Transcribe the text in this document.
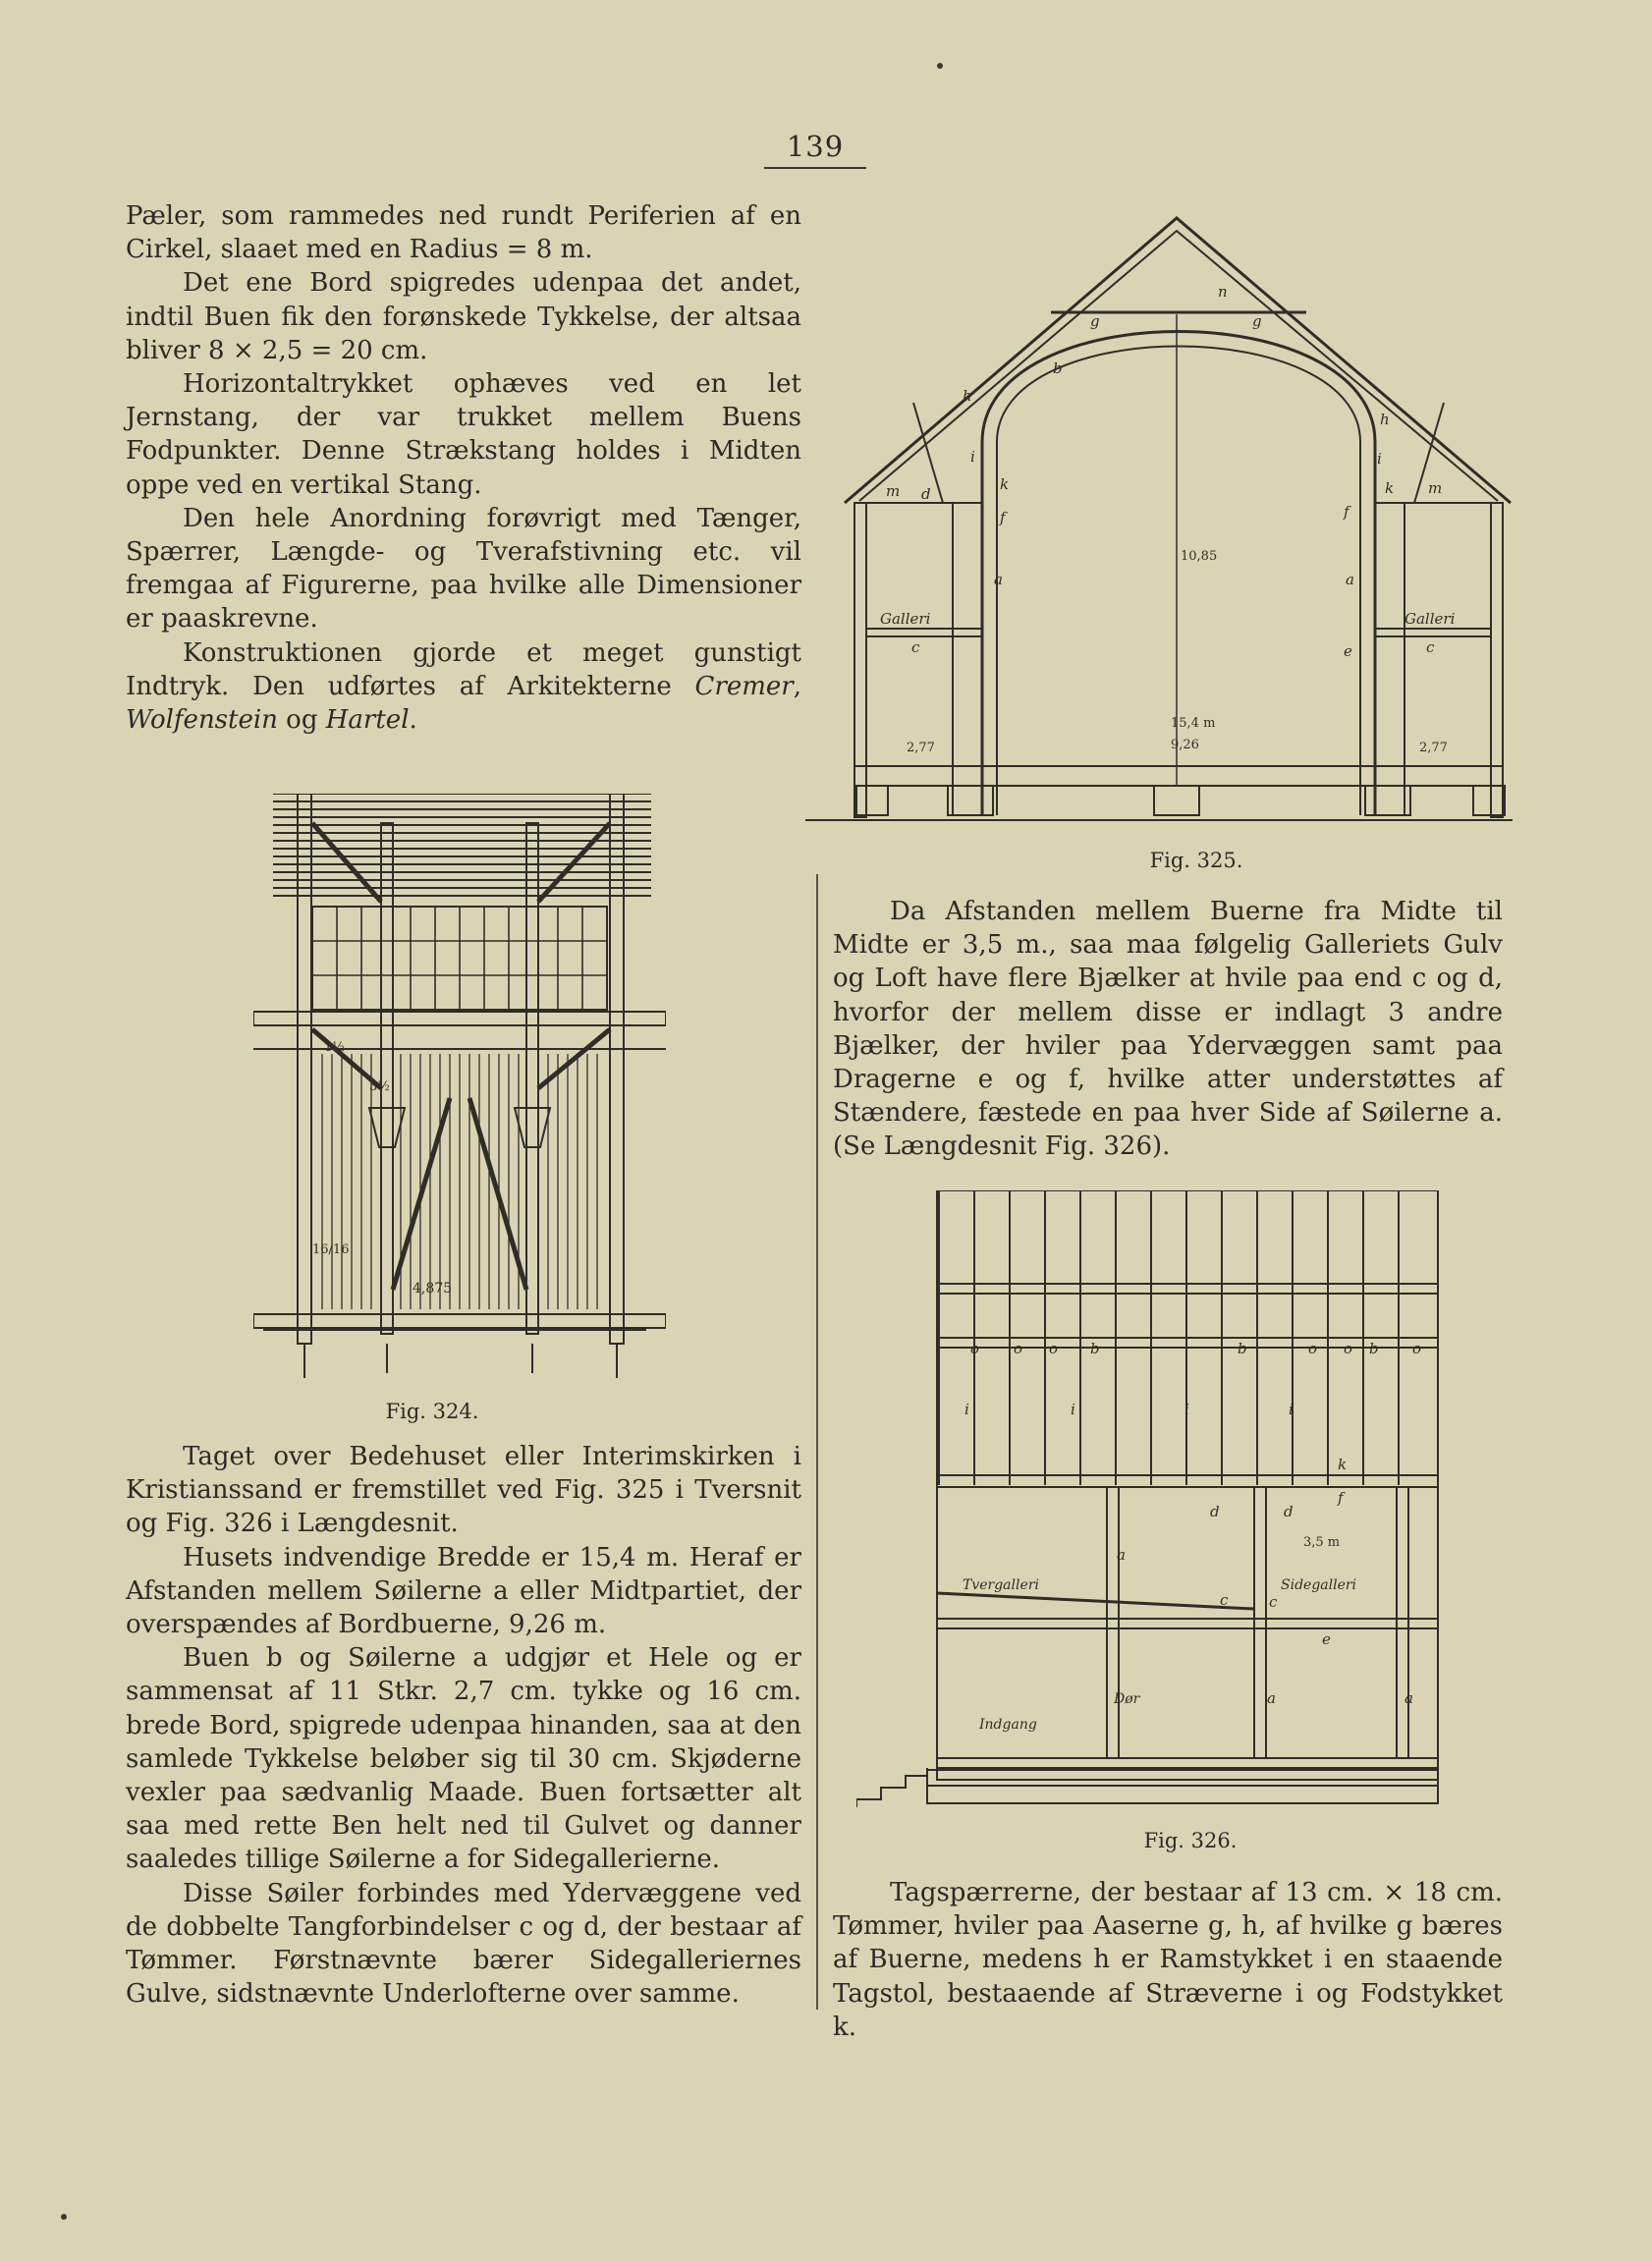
139

Pæler, som rammedes ned rundt Periferien af en Cirkel, slaaet med en Radius = 8 m.

Det ene Bord spigredes udenpaa det andet, indtil Buen fik den forønskede Tykkelse, der altsaa bliver 8 × 2,5 = 20 cm.

Horizontaltrykket ophæves ved en let Jernstang, der var trukket mellem Buens Fodpunkter. Denne Strækstang holdes i Midten oppe ved en vertikal Stang.

Den hele Anordning forøvrigt med Tænger, Spærrer, Længde- og Tverafstivning etc. vil fremgaa af Figurerne, paa hvilke alle Dimensioner er paaskrevne.

Konstruktionen gjorde et meget gunstigt Indtryk. Den udførtes af Arkitekterne Cremer, Wolfenstein og Hartel.

1½
3½
16/16
4,875
Fig. 324.

Taget over Bedehuset eller Interimskirken i Kristianssand er fremstillet ved Fig. 325 i Tversnit og Fig. 326 i Længdesnit.

Husets indvendige Bredde er 15,4 m. Heraf er Afstanden mellem Søilerne a eller Midtpartiet, der overspændes af Bordbuerne, 9,26 m.

Buen b og Søilerne a udgjør et Hele og er sammensat af 11 Stkr. 2,7 cm. tykke og 16 cm. brede Bord, spigrede udenpaa hinanden, saa at den samlede Tykkelse beløber sig til 30 cm. Skjøderne vexler paa sædvanlig Maade. Buen fortsætter alt saa med rette Ben helt ned til Gulvet og danner saaledes tillige Søilerne a for Sidegallerierne.

Disse Søiler forbindes med Ydervæggene ved de dobbelte Tangforbindelser c og d, der bestaar af Tømmer. Førstnævnte bærer Sidegalleriernes Gulve, sidstnævnte Underlofterne over samme.

n
g	g
b
h
h
i	i
m d
k
f
k m
f
10,85
a	a
Galleri	Galleri
c	c
e
2,77
15,4 m
9,26	2,77
Fig. 325.

Da Afstanden mellem Buerne fra Midte til Midte er 3,5 m., saa maa følgelig Galleriets Gulv og Loft have flere Bjælker at hvile paa end c og d, hvorfor der mellem disse er indlagt 3 andre Bjælker, der hviler paa Ydervæggen samt paa Dragerne e og f, hvilke atter understøttes af Stændere, fæstede en paa hver Side af Søilerne a. (Se Længdesnit Fig. 326).

o o o b	b	o o b o
i	i	i	i
k
d	d
f
3,5 m
a
Tvergalleri	Sidegalleri
c	c
e
Dør	a	a
Indgang
Fig. 326.

Tagspærrerne, der bestaar af 13 cm. × 18 cm. Tømmer, hviler paa Aaserne g, h, af hvilke g bæres af Buerne, medens h er Ramstykket i en staaende Tagstol, bestaaende af Stræverne i og Fodstykket k.
